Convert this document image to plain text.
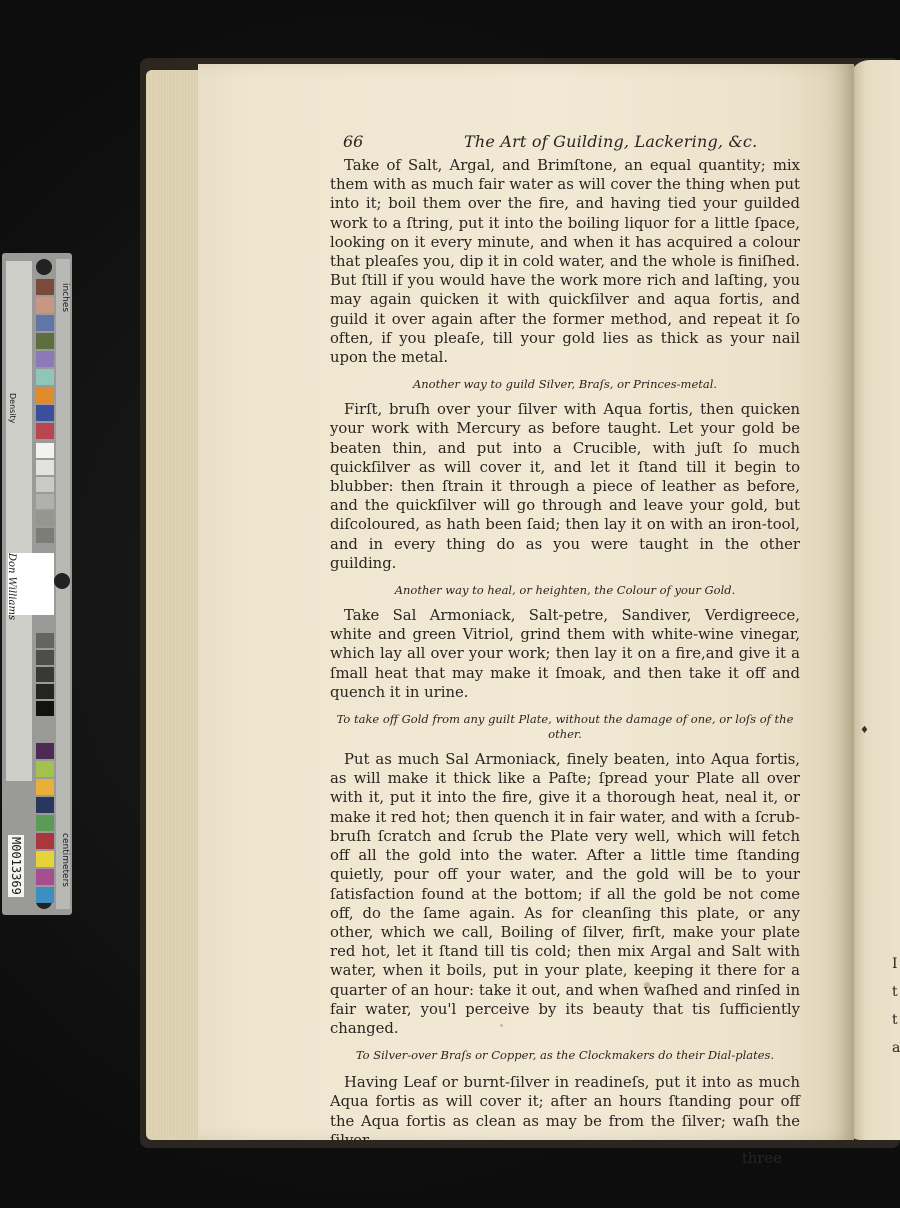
inches
Density
Don Williams
centimeters
M0013369
♦
I
t
t
a
66	The Art of Guilding, Lackering, &c.

Take of Salt, Argal, and Brimſtone, an equal quantity; mix them with as much fair water as will cover the thing when put into it; boil them over the fire, and having tied your guilded work to a ſtring, put it into the boiling liquor for a little ſpace, looking on it every minute, and when it has acquired a colour that pleaſes you, dip it in cold water, and the whole is finiſhed. But ſtill if you would have the work more rich and laſting, you may again quicken it with quickſilver and aqua fortis, and guild it over again after the former method, and repeat it ſo often, if you pleaſe, till your gold lies as thick as your nail upon the metal.

Another way to guild Silver, Braſs, or Princes-metal.

Firſt, bruſh over your ſilver with Aqua fortis, then quicken your work with Mercury as before taught. Let your gold be beaten thin, and put into a Crucible, with juſt ſo much quickſilver as will cover it, and let it ſtand till it begin to blubber: then ſtrain it through a piece of leather as before, and the quickſilver will go through and leave your gold, but diſcoloured, as hath been ſaid; then lay it on with an iron-tool, and in every thing do as you were taught in the other guilding.

Another way to heal, or heighten, the Colour of your Gold.

Take Sal Armoniack, Salt-petre, Sandiver, Verdigreece, white and green Vitriol, grind them with white-wine vinegar, which lay all over your work; then lay it on a fire,and give it a ſmall heat that may make it ſmoak, and then take it off and quench it in urine.

To take off Gold from any guilt Plate, without the damage of one, or loſs of the other.

Put as much Sal Armoniack, finely beaten, into Aqua fortis, as will make it thick like a Paſte; ſpread your Plate all over with it, put it into the fire, give it a thorough heat, neal it, or make it red hot; then quench it in fair water, and with a ſcrub-bruſh ſcratch and ſcrub the Plate very well, which will fetch off all the gold into the water. After a little time ſtanding quietly, pour off your water, and the gold will be to your ſatisfaction found at the bottom; if all the gold be not come off, do the ſame again. As for cleanſing this plate, or any other, which we call, Boiling of ſilver, firſt, make your plate red hot, let it ſtand till tis cold; then mix Argal and Salt with water, when it boils, put in your plate, keeping it there for a quarter of an hour: take it out, and when waſhed and rinſed in fair water, you'l perceive by its beauty that tis ſufficiently changed.

To Silver-over Braſs or Copper, as the Clockmakers do their Dial-plates.

Having Leaf or burnt-ſilver in readineſs, put it into as much Aqua fortis as will cover it; after an hours ſtanding pour off the Aqua fortis as clean as may be from the ſilver; waſh the ſilver

three
